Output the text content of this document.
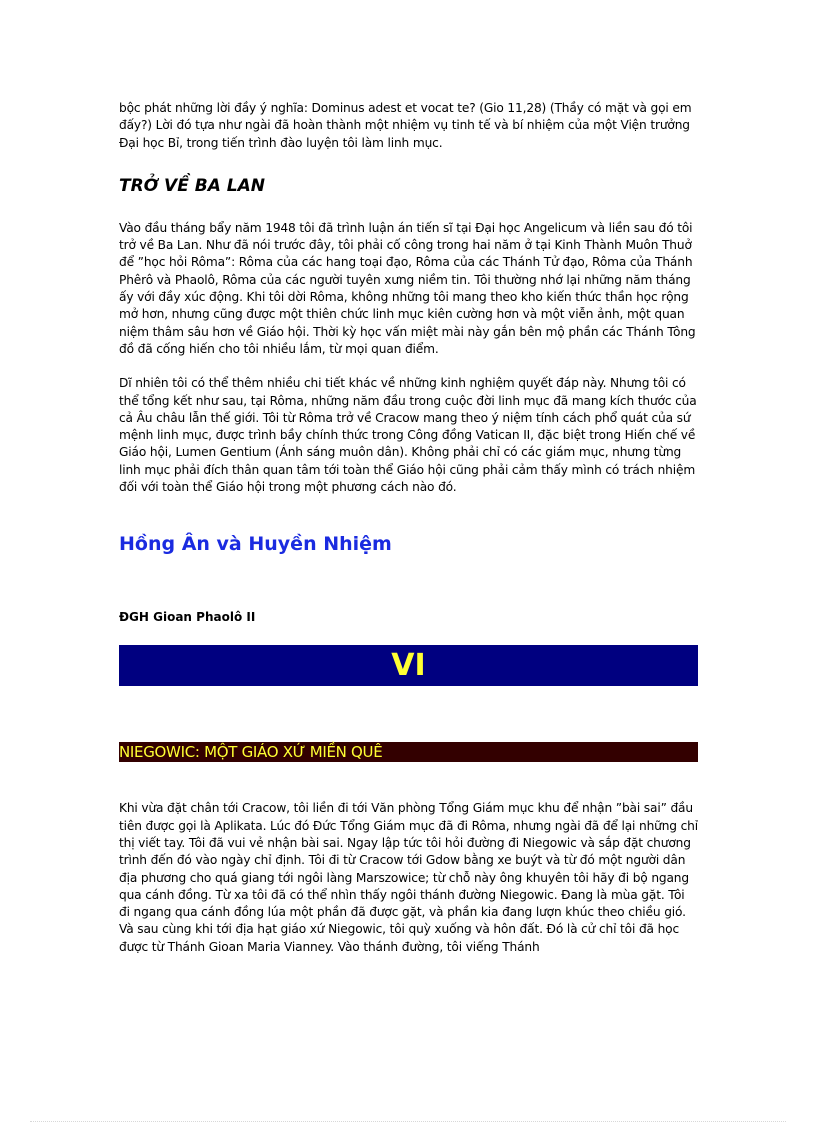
bộc phát những lời đầy ý nghĩa: Dominus adest et vocat te? (Gio 11,28) (Thầy có mặt và gọi em đấy?) Lời đó tựa như ngài đã hoàn thành một nhiệm vụ tinh tế và bí nhiệm của một Viện trưởng Đại học Bỉ, trong tiến trình đào luyện tôi làm linh mục.

TRỞ VỀ BA LAN

Vào đầu tháng bẩy năm 1948 tôi đã trình luận án tiến sĩ tại Đại học Angelicum và liền sau đó tôi trở về Ba Lan. Như đã nói trước đây, tôi phải cố công trong hai năm ở tại Kinh Thành Muôn Thuở để ”học hỏi Rôma”: Rôma của các hang toại đạo, Rôma của các Thánh Tử đạo, Rôma của Thánh Phêrô và Phaolô, Rôma của các người tuyên xưng niềm tin. Tôi thường nhớ lại những năm tháng ấy với đầy xúc động. Khi tôi dời Rôma, không những tôi mang theo kho kiến thức thần học rộng mở hơn, nhưng cũng được một thiên chức linh mục kiên cường hơn và một viễn ảnh, một quan niệm thâm sâu hơn về Giáo hội. Thời kỳ học vấn miệt mài này gắn bên mộ phần các Thánh Tông đồ đã cống hiến cho tôi nhiều lắm, từ mọi quan điểm.

Dĩ nhiên tôi có thể thêm nhiều chi tiết khác về những kinh nghiệm quyết đáp này. Nhưng tôi có thể tổng kết như sau, tại Rôma, những năm đầu trong cuộc đời linh mục đã mang kích thước của cả Âu châu lẫn thế giới. Tôi từ Rôma trở về Cracow mang theo ý niệm tính cách phổ quát của sứ mệnh linh mục, được trình bầy chính thức trong Công đồng Vatican II, đặc biệt trong Hiến chế về Giáo hội, Lumen Gentium (Ánh sáng muôn dân). Không phải chỉ có các giám mục, nhưng từng linh mục phải đích thân quan tâm tới toàn thể Giáo hội cũng phải cảm thấy mình có trách nhiệm đối với toàn thể Giáo hội trong một phương cách nào đó.

Hồng Ân và Huyền Nhiệm
ĐGH Gioan Phaolô II
VI
NIEGOWIC: MỘT GIÁO XỨ MIỀN QUÊ

Khi vừa đặt chân tới Cracow, tôi liền đi tới Văn phòng Tổng Giám mục khu để nhận ”bài sai” đầu tiên được gọi là Aplikata. Lúc đó Đức Tổng Giám mục đã đi Rôma, nhưng ngài đã để lại những chỉ thị viết tay. Tôi đã vui vẻ nhận bài sai. Ngay lập tức tôi hỏi đường đi Niegowic và sắp đặt chương trình đến đó vào ngày chỉ định. Tôi đi từ Cracow tới Gdow bằng xe buýt và từ đó một người dân địa phương cho quá giang tới ngôi làng Marszowice; từ chỗ này ông khuyên tôi hãy đi bộ ngang qua cánh đồng. Từ xa tôi đã có thể nhìn thấy ngôi thánh đường Niegowic. Đang là mùa gặt. Tôi đi ngang qua cánh đồng lúa một phần đã được gặt, và phần kia đang lượn khúc theo chiều gió. Và sau cùng khi tới địa hạt giáo xứ Niegowic, tôi quỳ xuống và hôn đất. Đó là cử chỉ tôi đã học được từ Thánh Gioan Maria Vianney. Vào thánh đường, tôi viếng Thánh
